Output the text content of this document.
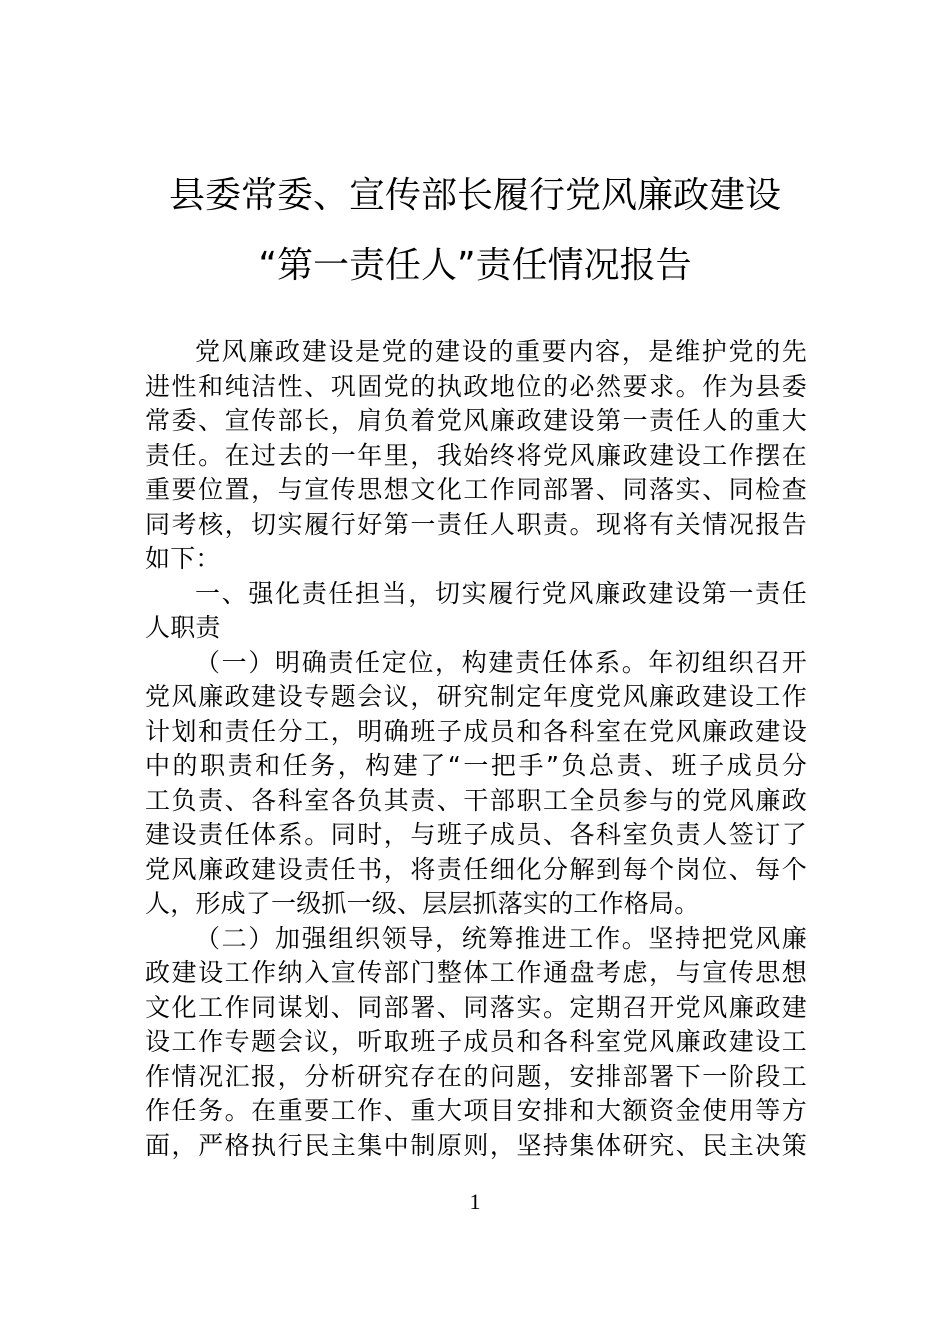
县委常委、宣传部长履行党风廉政建设
“第一责任人”责任情况报告
党风廉政建设是党的建设的重要内容，是维护党的先
进性和纯洁性、巩固党的执政地位的必然要求。作为县委
常委、宣传部长，肩负着党风廉政建设第一责任人的重大
责任。在过去的一年里，我始终将党风廉政建设工作摆在
重要位置，与宣传思想文化工作同部署、同落实、同检查
同考核，切实履行好第一责任人职责。现将有关情况报告
如下：
一、强化责任担当，切实履行党风廉政建设第一责任
人职责
（一）明确责任定位，构建责任体系。年初组织召开
党风廉政建设专题会议，研究制定年度党风廉政建设工作
计划和责任分工，明确班子成员和各科室在党风廉政建设
中的职责和任务，构建了“一把手”负总责、班子成员分
工负责、各科室各负其责、干部职工全员参与的党风廉政
建设责任体系。同时，与班子成员、各科室负责人签订了
党风廉政建设责任书，将责任细化分解到每个岗位、每个
人，形成了一级抓一级、层层抓落实的工作格局。
（二）加强组织领导，统筹推进工作。坚持把党风廉
政建设工作纳入宣传部门整体工作通盘考虑，与宣传思想
文化工作同谋划、同部署、同落实。定期召开党风廉政建
设工作专题会议，听取班子成员和各科室党风廉政建设工
作情况汇报，分析研究存在的问题，安排部署下一阶段工
作任务。在重要工作、重大项目安排和大额资金使用等方
面，严格执行民主集中制原则，坚持集体研究、民主决策
1
